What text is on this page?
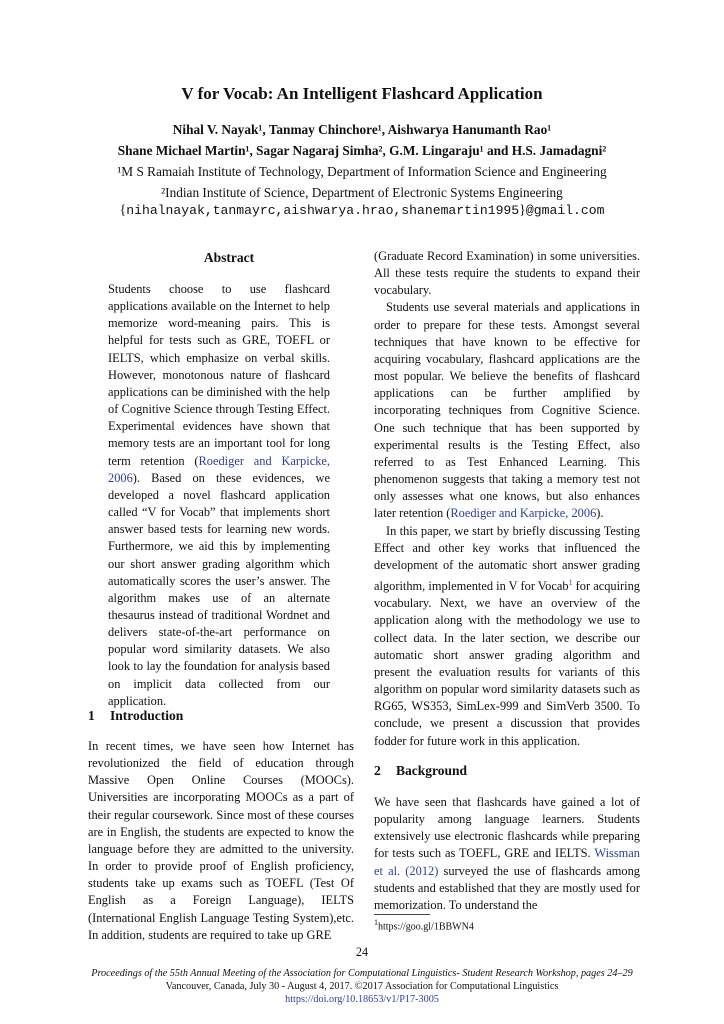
V for Vocab: An Intelligent Flashcard Application
Nihal V. Nayak¹, Tanmay Chinchore¹, Aishwarya Hanumanth Rao¹
Shane Michael Martin¹, Sagar Nagaraj Simha², G.M. Lingaraju¹ and H.S. Jamadagni²
¹M S Ramaiah Institute of Technology, Department of Information Science and Engineering
²Indian Institute of Science, Department of Electronic Systems Engineering
{nihalnayak,tanmayrc,aishwarya.hrao,shanemartin1995}@gmail.com
Abstract
Students choose to use flashcard applications available on the Internet to help memorize word-meaning pairs. This is helpful for tests such as GRE, TOEFL or IELTS, which emphasize on verbal skills. However, monotonous nature of flashcard applications can be diminished with the help of Cognitive Science through Testing Effect. Experimental evidences have shown that memory tests are an important tool for long term retention (Roediger and Karpicke, 2006). Based on these evidences, we developed a novel flashcard application called “V for Vocab” that implements short answer based tests for learning new words. Furthermore, we aid this by implementing our short answer grading algorithm which automatically scores the user’s answer. The algorithm makes use of an alternate thesaurus instead of traditional Wordnet and delivers state-of-the-art performance on popular word similarity datasets. We also look to lay the foundation for analysis based on implicit data collected from our application.
1 Introduction

In recent times, we have seen how Internet has revolutionized the field of education through Massive Open Online Courses (MOOCs). Universities are incorporating MOOCs as a part of their regular coursework. Since most of these courses are in English, the students are expected to know the language before they are admitted to the university. In order to provide proof of English proficiency, students take up exams such as TOEFL (Test Of English as a Foreign Language), IELTS (International English Language Testing System),etc. In addition, students are required to take up GRE

(Graduate Record Examination) in some universities. All these tests require the students to expand their vocabulary.

Students use several materials and applications in order to prepare for these tests. Amongst several techniques that have known to be effective for acquiring vocabulary, flashcard applications are the most popular. We believe the benefits of flashcard applications can be further amplified by incorporating techniques from Cognitive Science. One such technique that has been supported by experimental results is the Testing Effect, also referred to as Test Enhanced Learning. This phenomenon suggests that taking a memory test not only assesses what one knows, but also enhances later retention (Roediger and Karpicke, 2006).

In this paper, we start by briefly discussing Testing Effect and other key works that influenced the development of the automatic short answer grading algorithm, implemented in V for Vocab$^1$ for acquiring vocabulary. Next, we have an overview of the application along with the methodology we use to collect data. In the later section, we describe our automatic short answer grading algorithm and present the evaluation results for variants of this algorithm on popular word similarity datasets such as RG65, WS353, SimLex-999 and SimVerb 3500. To conclude, we present a discussion that provides fodder for future work in this application.

2 Background

We have seen that flashcards have gained a lot of popularity among language learners. Students extensively use electronic flashcards while preparing for tests such as TOEFL, GRE and IELTS. Wissman et al. (2012) surveyed the use of flashcards among students and established that they are mostly used for memorization. To understand the

$^1$https://goo.gl/1BBWN4
24
Proceedings of the 55th Annual Meeting of the Association for Computational Linguistics- Student Research Workshop, pages 24–29
Vancouver, Canada, July 30 - August 4, 2017. ©2017 Association for Computational Linguistics
https://doi.org/10.18653/v1/P17-3005
